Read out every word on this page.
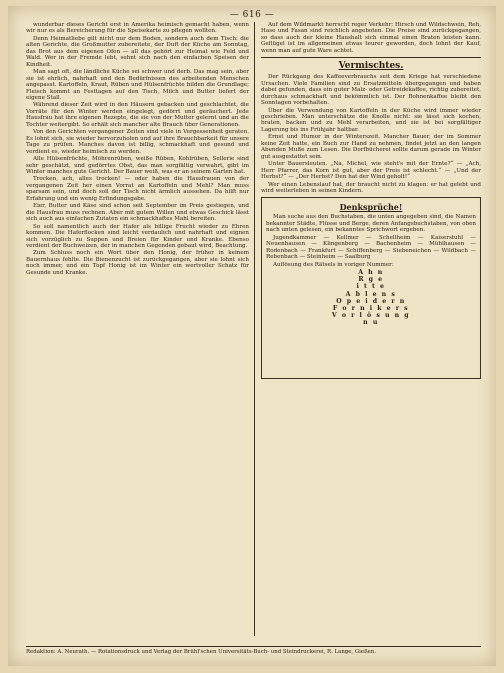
— 616 —

wunderbar dieses Gericht erst in Amerika heimisch gemacht haben, wenn wir nur es als Bereicherung für die Speisekarte zu pflegen wollten.

Denn Heimatliebe gilt nicht nur dem Boden, sondern auch dem Tisch: die alten Gerichte, die Großmutter zubereitete, der Duft der Küche am Sonntag, das Brot aus dem eigenen Ofen — all das gehört zur Heimat wie Feld und Wald. Wer in der Fremde lebt, sehnt sich nach den einfachen Speisen der Kindheit.

Man sagt oft, die ländliche Küche sei schwer und derb. Das mag sein, aber sie ist ehrlich, nahrhaft und den Bedürfnissen des arbeitenden Menschen angepasst. Kartoffeln, Kraut, Rüben und Hülsenfrüchte bilden die Grundlage; Fleisch kommt an Festtagen auf den Tisch, Milch und Butter liefert der eigene Stall.

Während dieser Zeit wird in den Häusern gebacken und geschlachtet, die Vorräte für den Winter werden eingelegt, gedörrt und geräuchert. Jede Hausfrau hat ihre eigenen Rezepte, die sie von der Mutter gelernt und an die Tochter weitergibt. So erhält sich mancher alte Brauch über Generationen.

Von den Gerichten vergangener Zeiten sind viele in Vergessenheit geraten. Es lohnt sich, sie wieder hervorzuholen und auf ihre Brauchbarkeit für unsere Tage zu prüfen. Manches davon ist billig, schmackhaft und gesund und verdient es, wieder heimisch zu werden.

Alle Hülsenfrüchte, Möhrenrüben, weiße Rüben, Kohlrüben, Sellerie sind sehr geschätzt, und gedörrtes Obst, das man sorgfältig verwahrt, gibt im Winter manches gute Gericht. Der Bauer weiß, was er an seinem Garten hat.

Trocken, ach, alles trocken! — oder haben die Hausfrauen von der vergangenen Zeit her einen Vorrat an Kartoffeln und Mehl? Man muss sparsam sein, und doch soll der Tisch nicht ärmlich aussehen. Da hilft nur Erfahrung und ein wenig Erfindungsgabe.

Eier, Butter und Käse sind schon seit September im Preis gestiegen, und die Hausfrau muss rechnen. Aber mit gutem Willen und etwas Geschick lässt sich auch aus einfachen Zutaten ein schmackhaftes Mahl bereiten.

So soll namentlich auch der Hafer als billige Frucht wieder zu Ehren kommen. Die Haferflocken sind leicht verdaulich und nahrhaft und eignen sich vorzüglich zu Suppen und Breien für Kinder und Kranke. Ebenso verdient der Buchweizen, der in manchen Gegenden gebaut wird, Beachtung.

Zum Schluss noch ein Wort über den Honig, der früher in keinem Bauernhaus fehlte. Die Bienenzucht ist zurückgegangen, aber sie lohnt sich noch immer, und ein Topf Honig ist im Winter ein wertvoller Schatz für Gesunde und Kranke.

Auf dem Wildmarkt herrscht reger Verkehr; Hirsch und Wildschwein, Reh, Hase und Fasan sind reichlich angeboten. Die Preise sind zurückgegangen, so dass auch der kleine Haushalt sich einmal einen Braten leisten kann. Geflügel ist im allgemeinen etwas teurer geworden, doch lohnt der Kauf, wenn man auf gute Ware achtet.

Vermischtes.

Der Rückgang des Kaffeeverbrauchs seit dem Kriege hat verschiedene Ursachen. Viele Familien sind zu Ersatzmitteln übergegangen und haben dabei gefunden, dass ein guter Malz- oder Getreidekaffee, richtig zubereitet, durchaus schmackhaft und bekömmlich ist. Der Bohnenkaffee bleibt den Sonntagen vorbehalten.

Über die Verwendung von Kartoffeln in der Küche wird immer wieder geschrieben. Man unterschätze die Knolle nicht: sie lässt sich kochen, braten, backen und zu Mehl verarbeiten, und sie ist bei sorgfältiger Lagerung bis ins Frühjahr haltbar.

Ernst und Humor in der Winterszeit. Mancher Bauer, der im Sommer keine Zeit hatte, ein Buch zur Hand zu nehmen, findet jetzt an den langen Abenden Muße zum Lesen. Die Dorfbücherei sollte darum gerade im Winter gut ausgestattet sein.

Unter Bauersleuten. „Na, Michel, wie steht's mit der Ernte?“ — „Ach, Herr Pfarrer, das Korn ist gut, aber der Preis ist schlecht.“ — „Und der Herbst?“ — „Der Herbst? Den hat der Wind geholt!“

Wer einen Lebenslauf hat, der braucht nicht zu klagen: er hat gelebt und wird weiterleben in seinen Kindern.

Denksprüche!

Man suche aus den Buchstaben, die unten angegeben sind, die Namen bekannter Städte, Flüsse und Berge, deren Anfangsbuchstaben, von oben nach unten gelesen, ein bekanntes Sprichwort ergeben.

Jugendkammer — Kellmer — Schellheim — Kaiserstuhl — Neuenhausen — Klingenberg — Bachenheim — Mühlhausen — Rodenbach — Frankfurt — Schiffenberg — Siebeneichen — Wildbach — Rebenbach — Steinheim — Saalburg

Auflösung des Rätsels in voriger Nummer:

A h n
R g e
i t t e
A b l e n s
O p e i d e r n
F o r n i k e r s
V o r l ö s u n g
n u
Redaktion: A. Neurath. — Rotationsdruck und Verlag der Brühl'schen Universitäts-Buch- und Steindruckerei, R. Lange, Gießen.
